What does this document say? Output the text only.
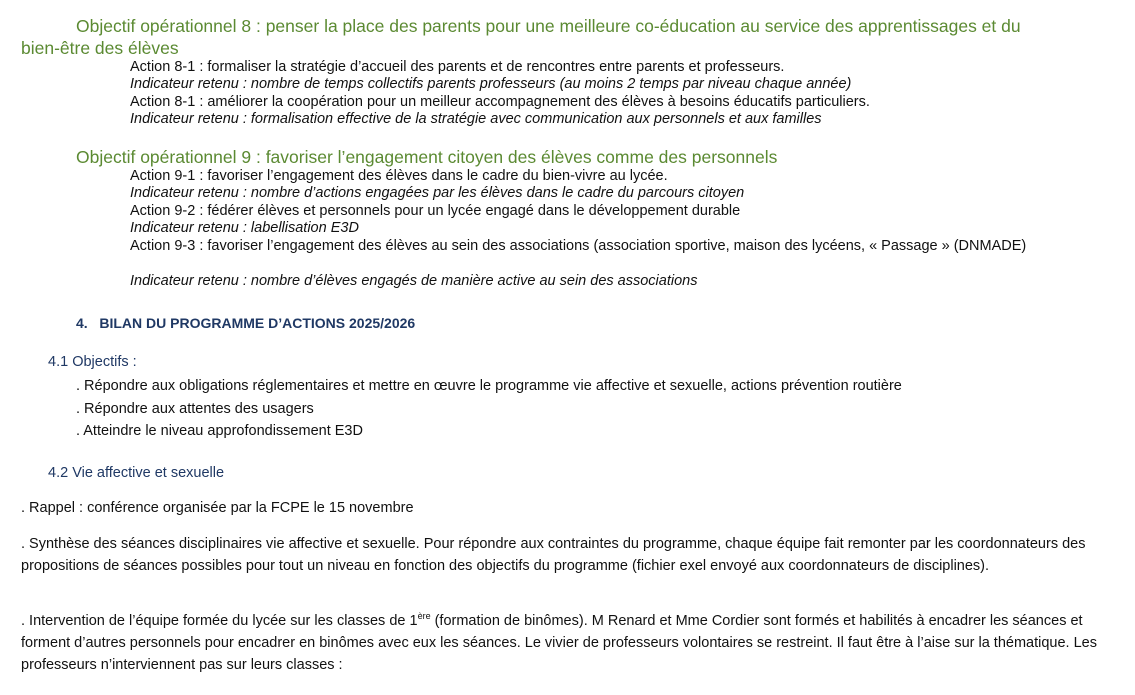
Objectif opérationnel 8 : penser la place des parents pour une meilleure co-éducation au service des apprentissages et du
bien-être des élèves
Action 8-1 : formaliser la stratégie d’accueil des parents et de rencontres entre parents et professeurs.
Indicateur retenu : nombre de temps collectifs parents professeurs (au moins 2 temps par niveau chaque année)
Action 8-1 : améliorer la coopération pour un meilleur accompagnement des élèves à besoins éducatifs particuliers.
Indicateur retenu : formalisation effective de la stratégie avec communication aux personnels et aux familles
Objectif opérationnel 9 : favoriser l’engagement citoyen des élèves comme des personnels
Action 9-1 : favoriser l’engagement des élèves dans le cadre du bien-vivre au lycée.
Indicateur retenu : nombre d’actions engagées par les élèves dans le cadre du parcours citoyen
Action 9-2 : fédérer élèves et personnels pour un lycée engagé dans le développement durable
Indicateur retenu : labellisation E3D
Action 9-3 : favoriser l’engagement des élèves au sein des associations (association sportive, maison des lycéens, « Passage » (DNMADE)
Indicateur retenu : nombre d’élèves engagés de manière active au sein des associations
4. BILAN DU PROGRAMME D’ACTIONS 2025/2026
4.1 Objectifs :
. Répondre aux obligations réglementaires et mettre en œuvre le programme vie affective et sexuelle, actions prévention routière
. Répondre aux attentes des usagers
. Atteindre le niveau approfondissement E3D
4.2 Vie affective et sexuelle
. Rappel : conférence organisée par la FCPE le 15 novembre
. Synthèse des séances disciplinaires vie affective et sexuelle. Pour répondre aux contraintes du programme, chaque équipe fait remonter par les coordonnateurs des propositions de séances possibles pour tout un niveau en fonction des objectifs du programme (fichier exel envoyé aux coordonnateurs de disciplines).
. Intervention de l’équipe formée du lycée sur les classes de 1ère (formation de binômes). M Renard et Mme Cordier sont formés et habilités à encadrer les séances et forment d’autres personnels pour encadrer en binômes avec eux les séances. Le vivier de professeurs volontaires se restreint. Il faut être à l’aise sur la thématique. Les professeurs n’interviennent pas sur leurs classes :
